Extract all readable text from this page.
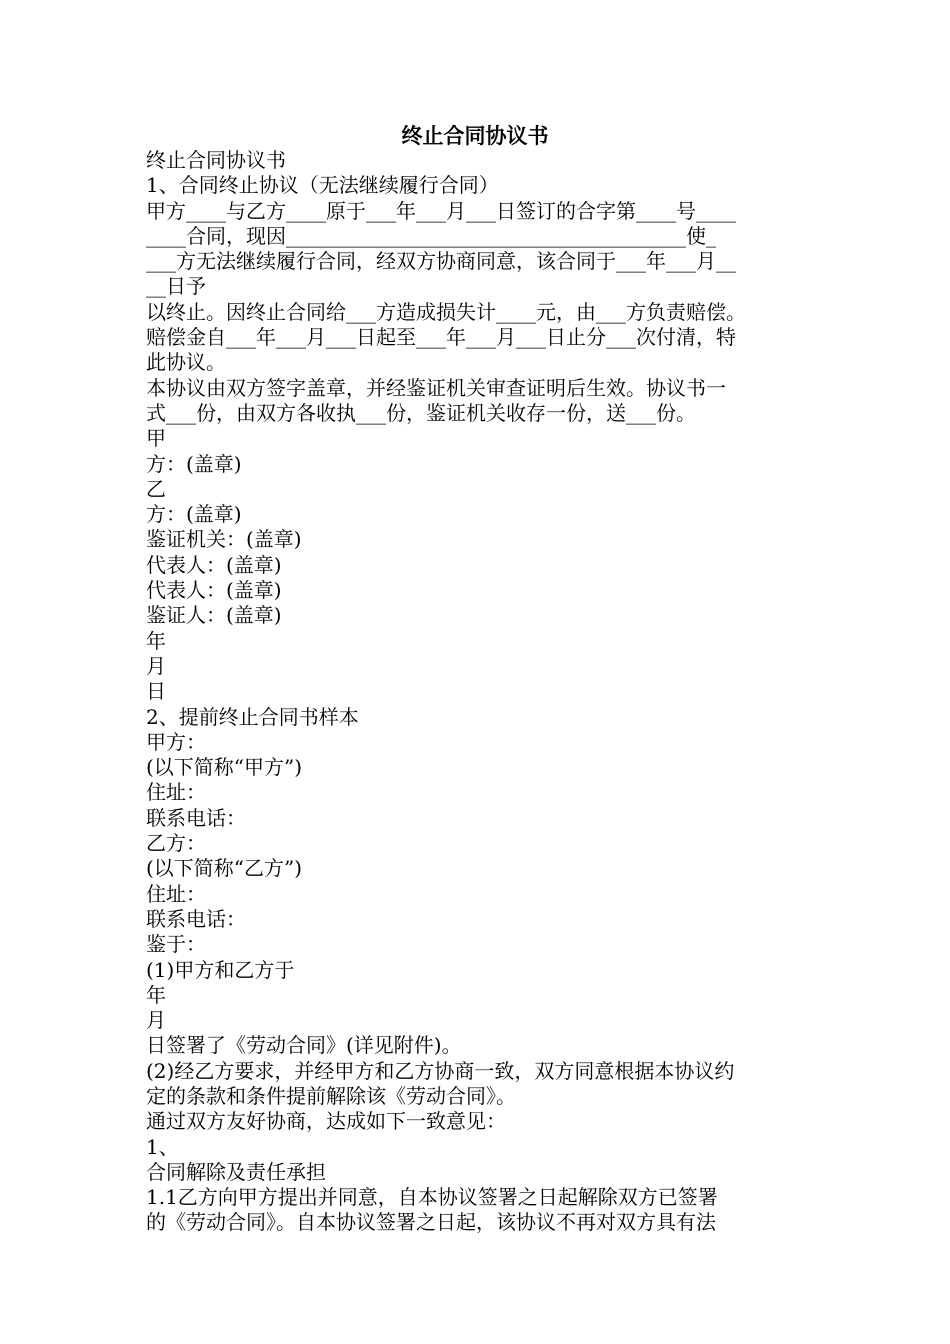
终止合同协议书
终止合同协议书
1、合同终止协议（无法继续履行合同）
甲方____与乙方____原于___年___月___日签订的合字第____号____
____合同，现因________________________________________使_
___方无法继续履行合同，经双方协商同意，该合同于___年___月__
__日予
以终止。因终止合同给___方造成损失计____元，由___方负责赔偿。
赔偿金自___年___月___日起至___年___月___日止分___次付清，特
此协议。
本协议由双方签字盖章，并经鉴证机关审查证明后生效。协议书一
式___份，由双方各收执___份，鉴证机关收存一份，送___份。
甲
方：(盖章)
乙
方：(盖章)
鉴证机关：(盖章)
代表人：(盖章)
代表人：(盖章)
鉴证人：(盖章)
年
月
日
2、提前终止合同书样本
甲方：
(以下简称“甲方”)
住址：
联系电话：
乙方：
(以下简称“乙方”)
住址：
联系电话：
鉴于：
(1)甲方和乙方于
年
月
日签署了《劳动合同》(详见附件)。
(2)经乙方要求，并经甲方和乙方协商一致，双方同意根据本协议约
定的条款和条件提前解除该《劳动合同》。
通过双方友好协商，达成如下一致意见：
1、
合同解除及责任承担
1.1乙方向甲方提出并同意，自本协议签署之日起解除双方已签署
的《劳动合同》。自本协议签署之日起，该协议不再对双方具有法
